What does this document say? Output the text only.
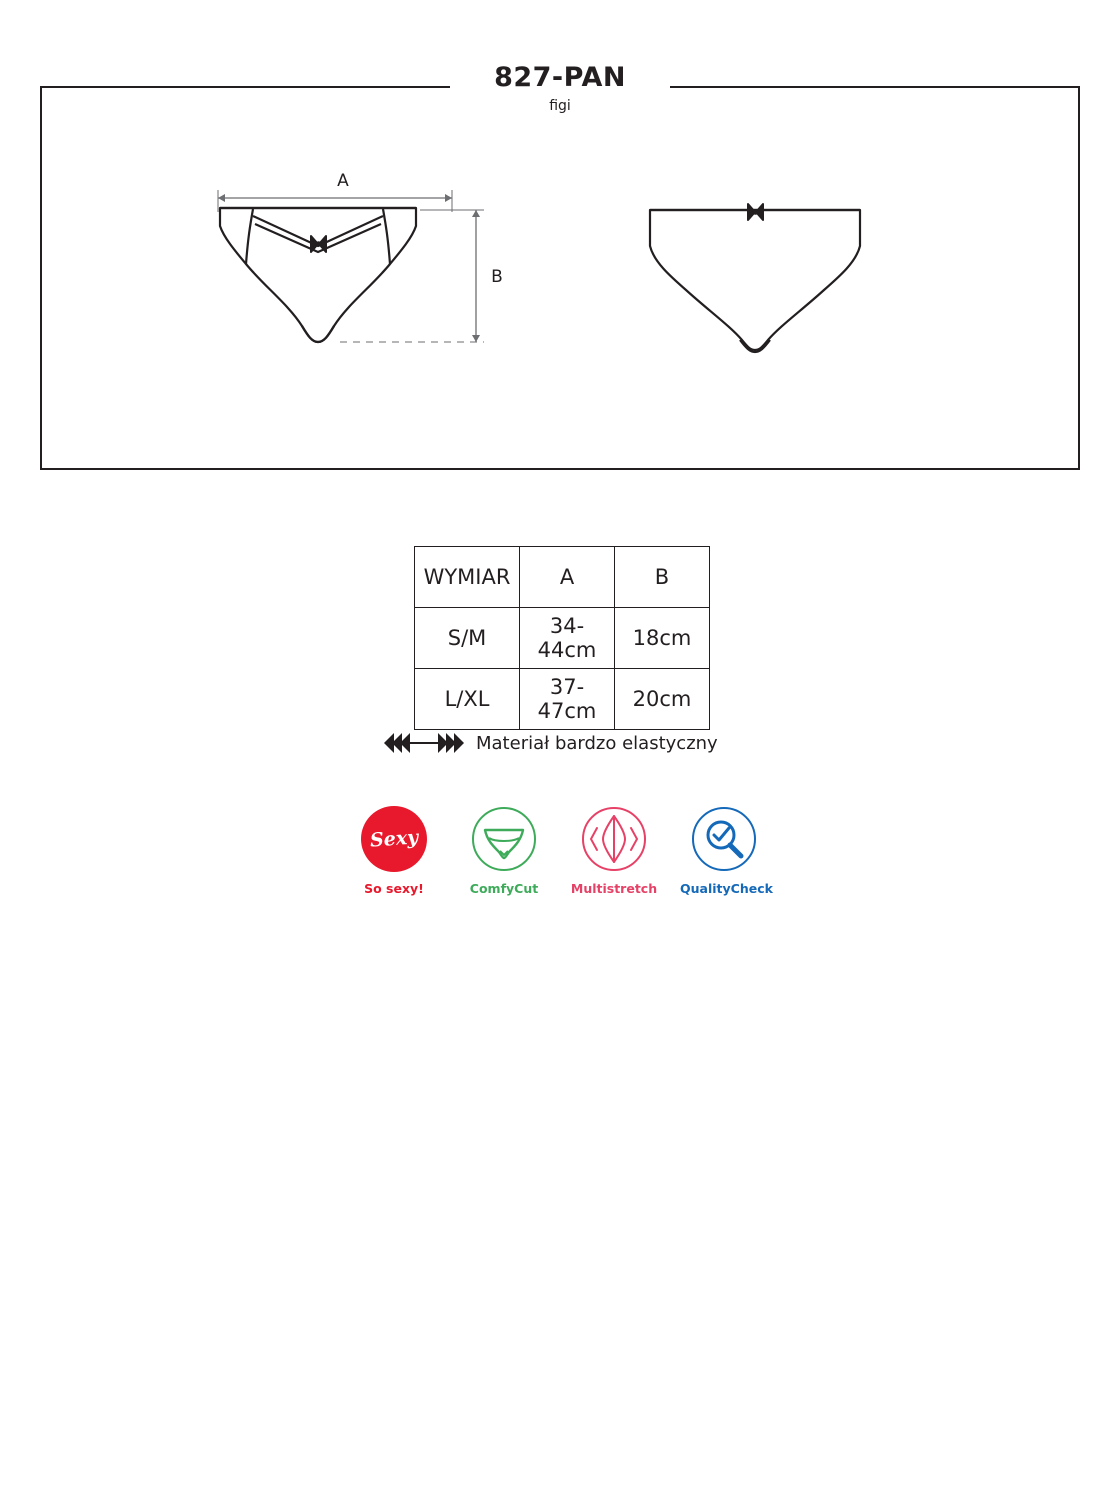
827-PAN
figi
A
B
WYMIAR	A	B
S/M	34-44cm	18cm
L/XL	37-47cm	20cm
Materiał bardzo elastyczny
Sexy
So sexy!	ComfyCut	Multistretch QualityCheck
